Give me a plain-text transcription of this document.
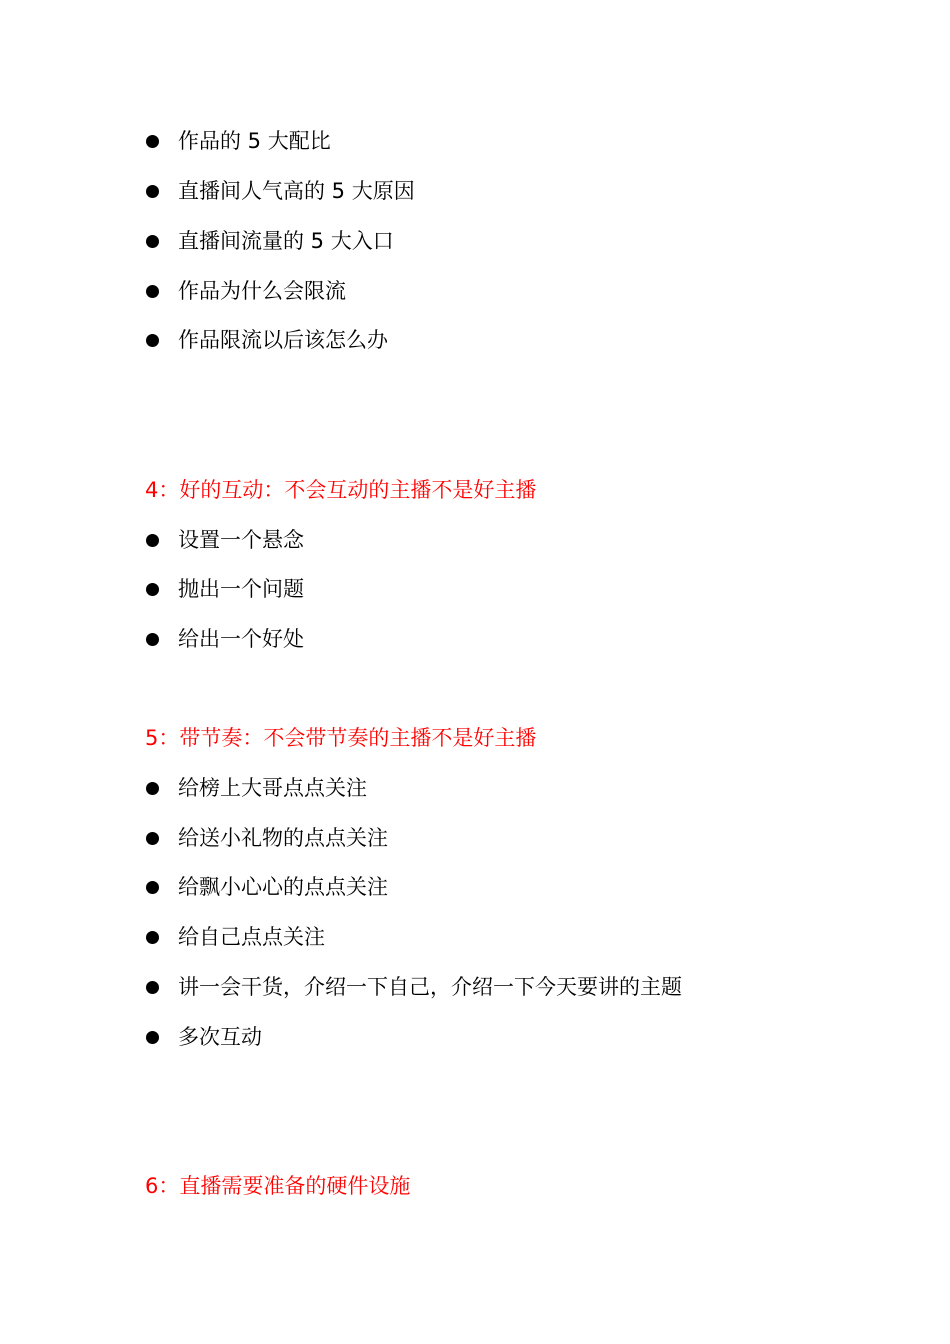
作品的 5 大配比
直播间人气高的 5 大原因
直播间流量的 5 大入口
作品为什么会限流
作品限流以后该怎么办
4：好的互动：不会互动的主播不是好主播
设置一个悬念
抛出一个问题
给出一个好处
5：带节奏：不会带节奏的主播不是好主播
给榜上大哥点点关注
给送小礼物的点点关注
给飘小心心的点点关注
给自己点点关注
讲一会干货，介绍一下自己，介绍一下今天要讲的主题
多次互动
6：直播需要准备的硬件设施
